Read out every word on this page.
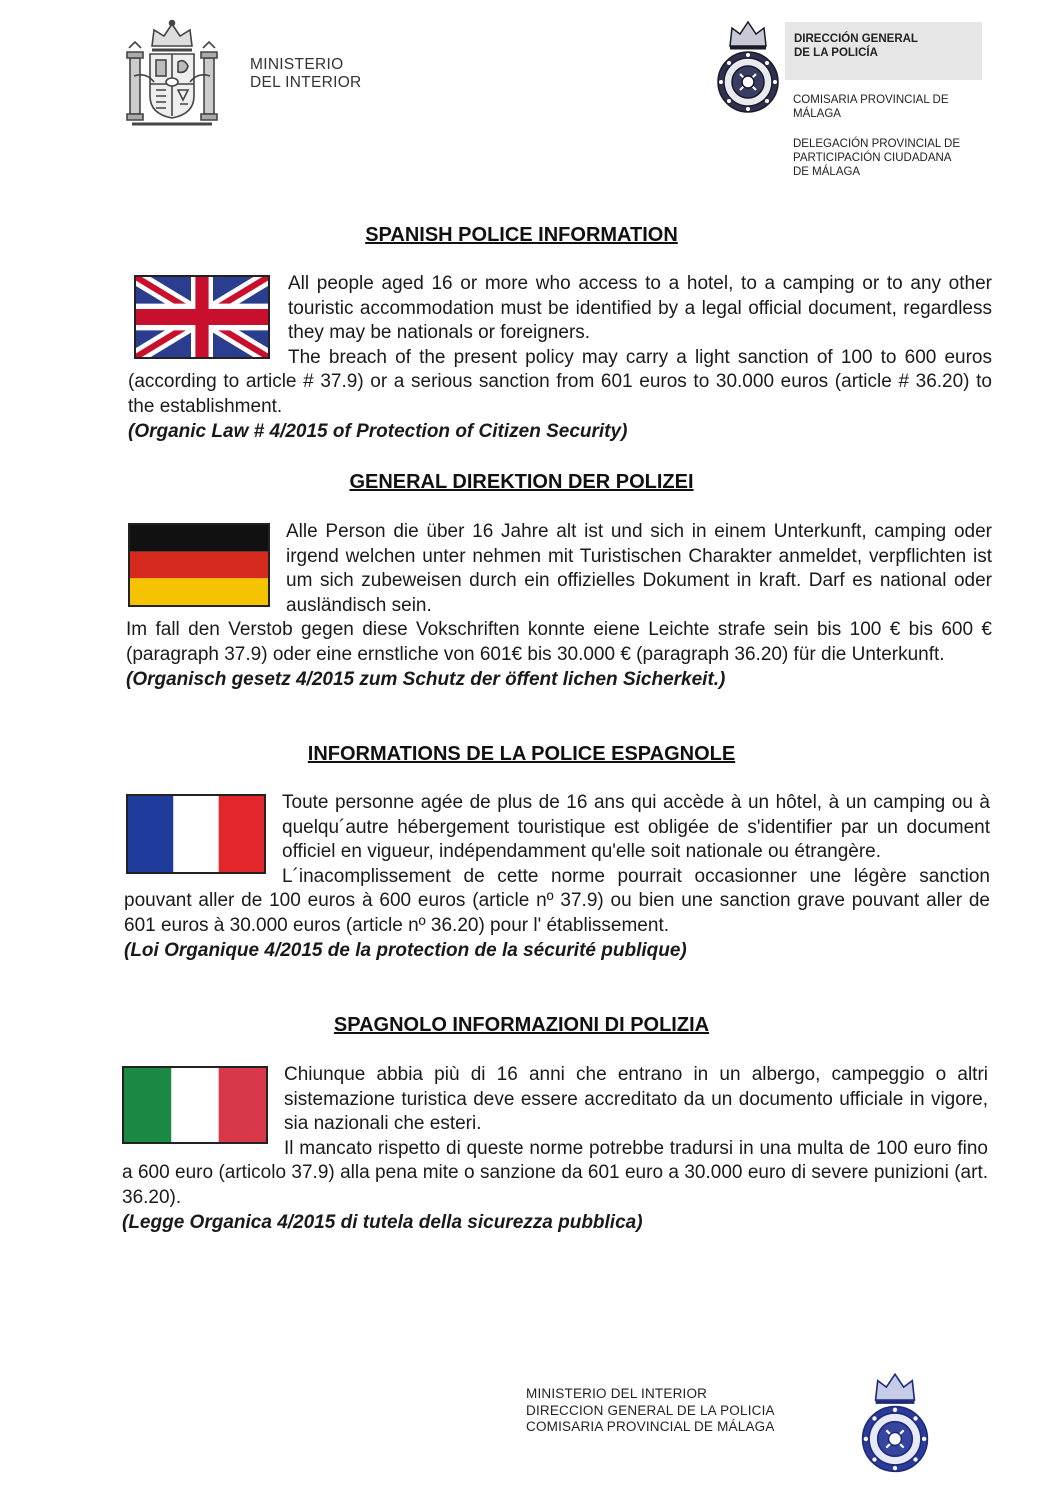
MINISTERIO
DEL INTERIOR
DIRECCIÓN GENERAL
DE LA POLICÍA
COMISARIA PROVINCIAL DE
MÁLAGA
DELEGACIÓN PROVINCIAL DE
PARTICIPACIÓN CIUDADANA
DE MÁLAGA
SPANISH POLICE INFORMATION

All people aged 16 or more who access to a hotel, to a camping or to any other touristic accommodation must be identified by a legal official document, regardless they may be nationals or foreigners.

The breach of the present policy may carry a light sanction of 100 to 600 euros (according to article # 37.9) or a serious sanction from 601 euros to 30.000 euros (article # 36.20) to the establishment.

(Organic Law # 4/2015 of Protection of Citizen Security)

GENERAL DIREKTION DER POLIZEI

Alle Person die über 16 Jahre alt ist und sich in einem Unterkunft, camping oder irgend welchen unter nehmen mit Turistischen Charakter anmeldet, verpflichten ist um sich zubeweisen durch ein offizielles Dokument in kraft. Darf es national oder ausländisch sein.

Im fall den Verstob gegen diese Vokschriften konnte eiene Leichte strafe sein bis 100 € bis 600 € (paragraph 37.9) oder eine ernstliche von 601€ bis 30.000 € (paragraph 36.20) für die Unterkunft.

(Organisch gesetz 4/2015 zum Schutz der öffent lichen Sicherkeit.)

INFORMATIONS DE LA POLICE ESPAGNOLE

Toute personne agée de plus de 16 ans qui accède à un hôtel, à un camping ou à quelqu´autre hébergement touristique est obligée de s'identifier par un document officiel en vigueur, indépendamment qu'elle soit nationale ou étrangère.

L´inacomplissement de cette norme pourrait occasionner une légère sanction pouvant aller de 100 euros à 600 euros (article nº 37.9) ou bien une sanction grave pouvant aller de 601 euros à 30.000 euros (article nº 36.20) pour l' établissement.

(Loi Organique 4/2015 de la protection de la sécurité publique)

SPAGNOLO INFORMAZIONI DI POLIZIA

Chiunque abbia più di 16 anni che entrano in un albergo, campeggio o altri sistemazione turistica deve essere accreditato da un documento ufficiale in vigore, sia nazionali che esteri.

Il mancato rispetto di queste norme potrebbe tradursi in una multa de 100 euro fino a 600 euro (articolo 37.9) alla pena mite o sanzione da 601 euro a 30.000 euro di severe punizioni (art. 36.20).

(Legge Organica 4/2015 di tutela della sicurezza pubblica)

MINISTERIO DEL INTERIOR
DIRECCION GENERAL DE LA POLICIA
COMISARIA PROVINCIAL DE MÁLAGA
